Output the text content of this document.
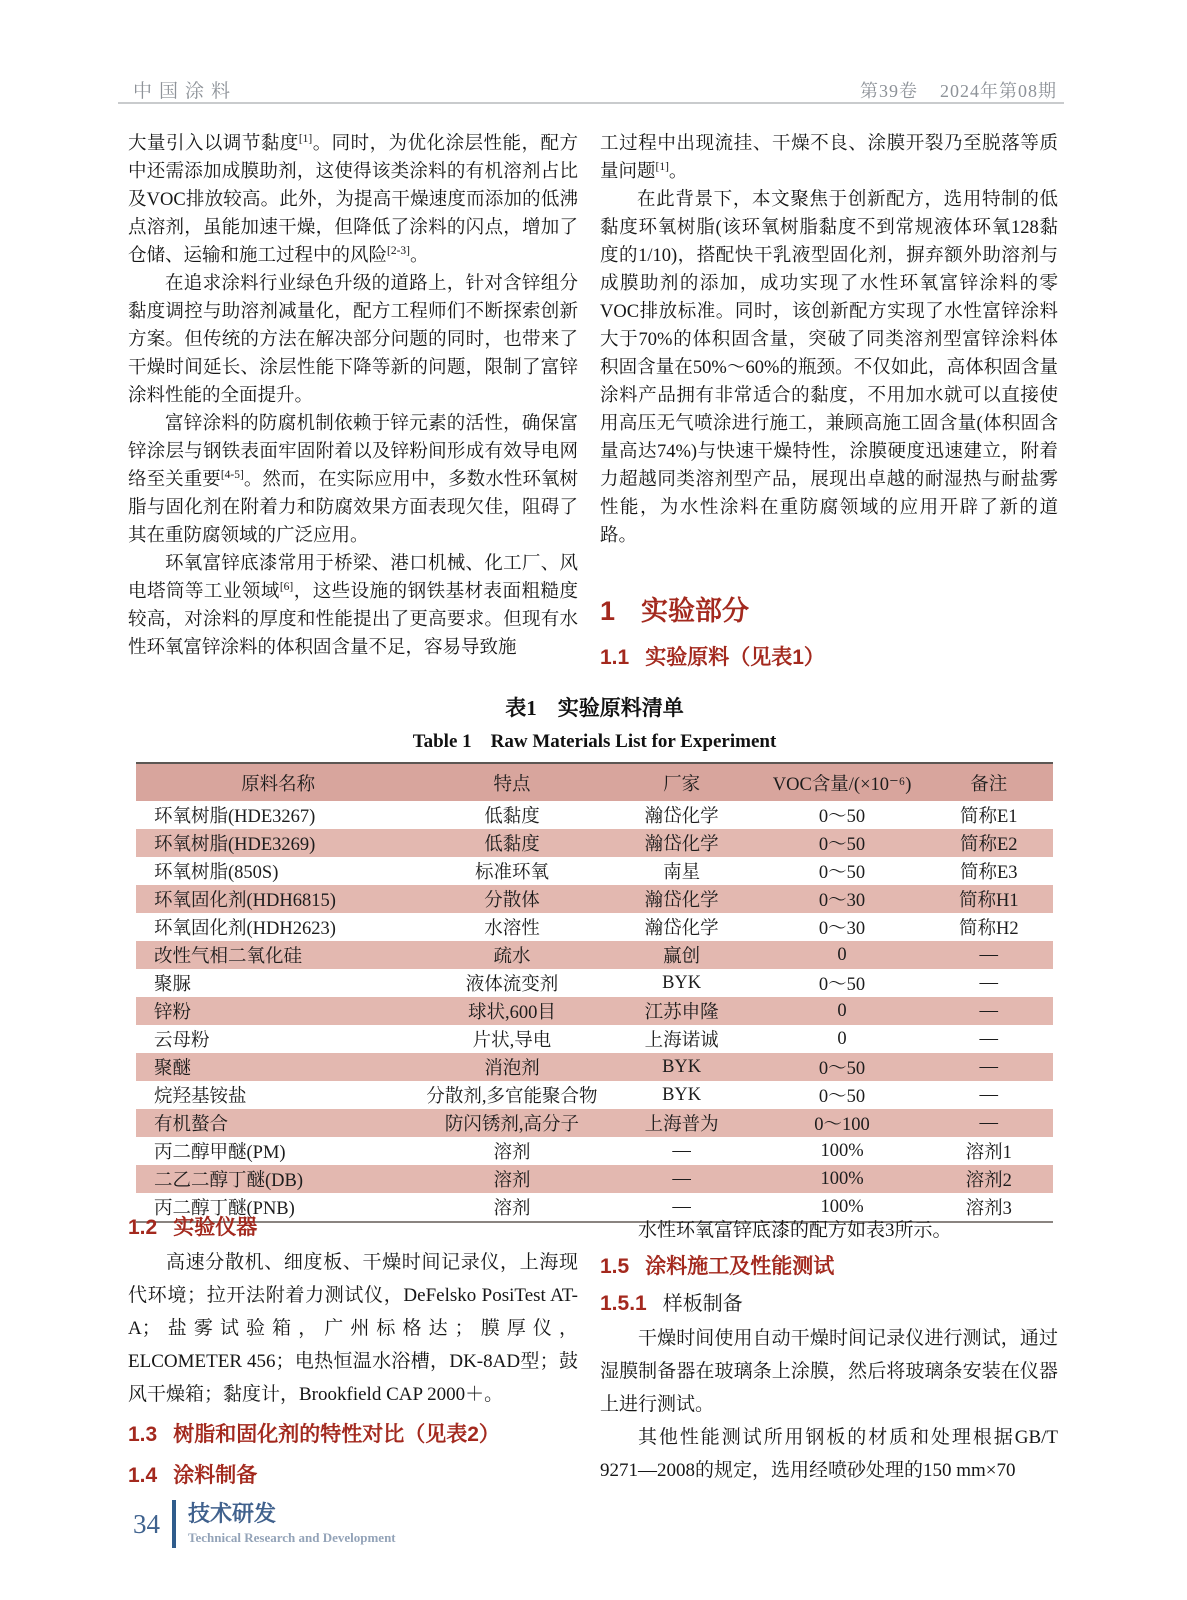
中国涂料	第39卷 2024年第08期

大量引入以调节黏度[1]。同时，为优化涂层性能，配方中还需添加成膜助剂，这使得该类涂料的有机溶剂占比及VOC排放较高。此外，为提高干燥速度而添加的低沸点溶剂，虽能加速干燥，但降低了涂料的闪点，增加了仓储、运输和施工过程中的风险[2-3]。

在追求涂料行业绿色升级的道路上，针对含锌组分黏度调控与助溶剂减量化，配方工程师们不断探索创新方案。但传统的方法在解决部分问题的同时，也带来了干燥时间延长、涂层性能下降等新的问题，限制了富锌涂料性能的全面提升。

富锌涂料的防腐机制依赖于锌元素的活性，确保富锌涂层与钢铁表面牢固附着以及锌粉间形成有效导电网络至关重要[4-5]。然而，在实际应用中，多数水性环氧树脂与固化剂在附着力和防腐效果方面表现欠佳，阻碍了其在重防腐领域的广泛应用。

环氧富锌底漆常用于桥梁、港口机械、化工厂、风电塔筒等工业领域[6]，这些设施的钢铁基材表面粗糙度较高，对涂料的厚度和性能提出了更高要求。但现有水性环氧富锌涂料的体积固含量不足，容易导致施

工过程中出现流挂、干燥不良、涂膜开裂乃至脱落等质量问题[1]。

在此背景下，本文聚焦于创新配方，选用特制的低黏度环氧树脂(该环氧树脂黏度不到常规液体环氧128黏度的1/10)，搭配快干乳液型固化剂，摒弃额外助溶剂与成膜助剂的添加，成功实现了水性环氧富锌涂料的零VOC排放标准。同时，该创新配方实现了水性富锌涂料大于70%的体积固含量，突破了同类溶剂型富锌涂料体积固含量在50%～60%的瓶颈。不仅如此，高体积固含量涂料产品拥有非常适合的黏度，不用加水就可以直接使用高压无气喷涂进行施工，兼顾高施工固含量(体积固含量高达74%)与快速干燥特性，涂膜硬度迅速建立，附着力超越同类溶剂型产品，展现出卓越的耐湿热与耐盐雾性能，为水性涂料在重防腐领域的应用开辟了新的道路。

1 实验部分
1.1 实验原料（见表1）

表1　实验原料清单

Table 1　Raw Materials List for Experiment

原料名称	特点	厂家	VOC含量/(×10⁻⁶)	备注
环氧树脂(HDE3267)	低黏度	瀚岱化学	0～50	简称E1
环氧树脂(HDE3269)	低黏度	瀚岱化学	0～50	简称E2
环氧树脂(850S)	标准环氧	南星	0～50	简称E3
环氧固化剂(HDH6815)	分散体	瀚岱化学	0～30	简称H1
环氧固化剂(HDH2623)	水溶性	瀚岱化学	0～30	简称H2
改性气相二氧化硅	疏水	赢创	0	—
聚脲	液体流变剂	BYK	0～50	—
锌粉	球状,600目	江苏申隆	0	—
云母粉	片状,导电	上海诺诚	0	—
聚醚	消泡剂	BYK	0～50	—
烷羟基铵盐	分散剂,多官能聚合物	BYK	0～50	—
有机螯合	防闪锈剂,高分子	上海普为	0～100	—
丙二醇甲醚(PM)	溶剂	—	100%	溶剂1
二乙二醇丁醚(DB)	溶剂	—	100%	溶剂2
丙二醇丁醚(PNB)	溶剂	—	100%	溶剂3
1.2 实验仪器

高速分散机、细度板、干燥时间记录仪，上海现代环境；拉开法附着力测试仪，DeFelsko PosiTest AT-A；盐雾试验箱，广州标格达；膜厚仪，ELCOMETER 456；电热恒温水浴槽，DK-8AD型；鼓风干燥箱；黏度计，Brookfield CAP 2000＋。

1.3 树脂和固化剂的特性对比（见表2）
1.4 涂料制备

水性环氧富锌底漆的配方如表3所示。

1.5 涂料施工及性能测试
1.5.1 样板制备

干燥时间使用自动干燥时间记录仪进行测试，通过湿膜制备器在玻璃条上涂膜，然后将玻璃条安装在仪器上进行测试。

其他性能测试所用钢板的材质和处理根据GB/T 9271—2008的规定，选用经喷砂处理的150 mm×70

34 技术研发
Technical Research and Development
